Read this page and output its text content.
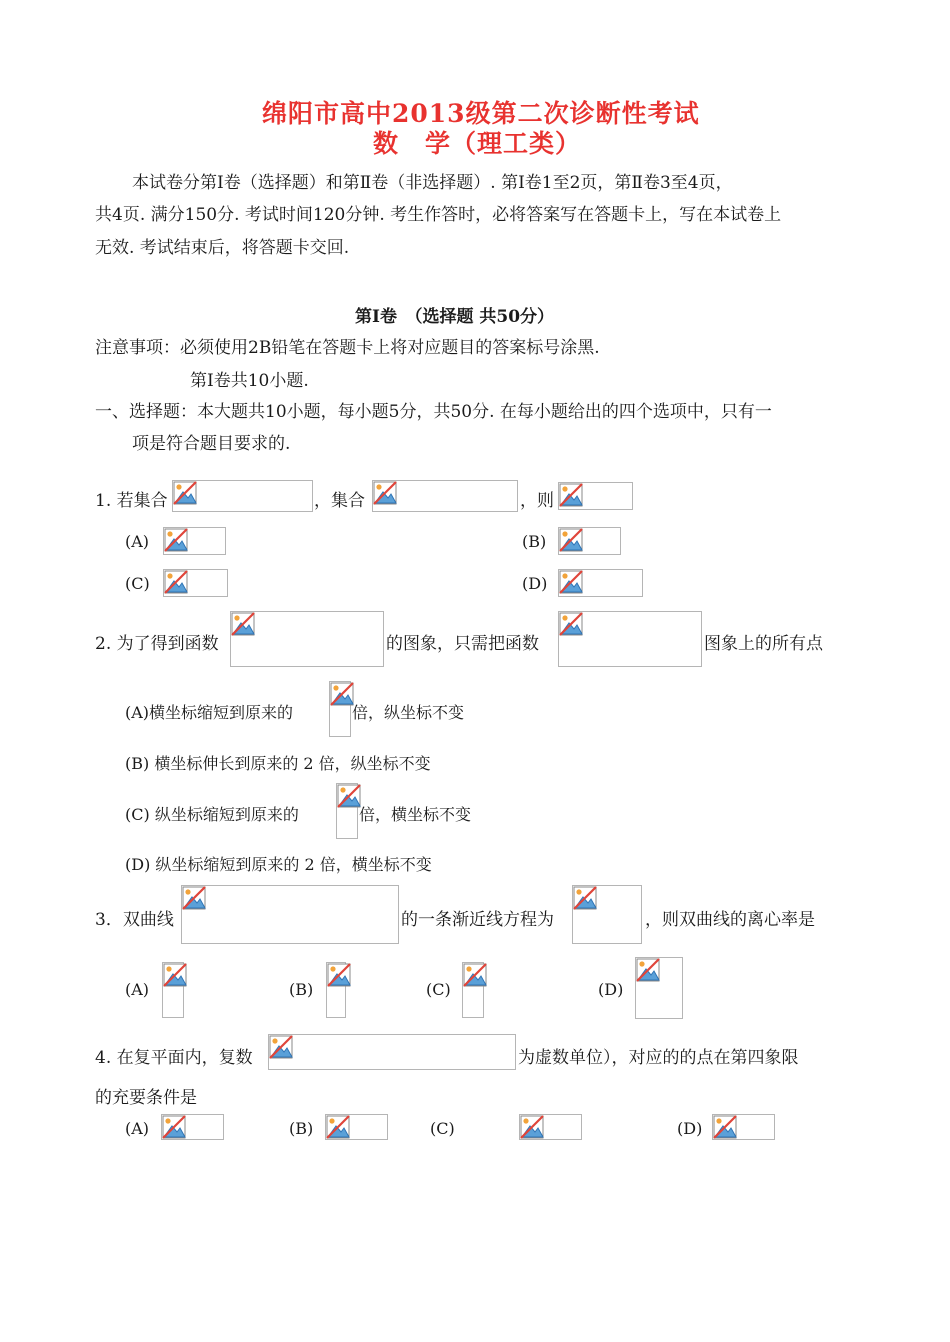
绵阳市高中2013级第二次诊断性考试
数　学（理工类）
本试卷分第Ⅰ卷（选择题）和第Ⅱ卷（非选择题）. 第Ⅰ卷1至2页，第Ⅱ卷3至4页，
共4页. 满分150分. 考试时间120分钟. 考生作答时，必将答案写在答题卡上，写在本试卷上
无效. 考试结束后，将答题卡交回.
第Ⅰ卷　（选择题 共50分）
注意事项：必须使用2B铅笔在答题卡上将对应题目的答案标号涂黑.
第Ⅰ卷共10小题.
一、选择题：本大题共10小题，每小题5分，共50分. 在每小题给出的四个选项中，只有一
项是符合题目要求的.
1. 若集合	，集合	，则
(A)	(B)
(C)	(D)
2. 为了得到函数	的图象，只需把函数	图象上的所有点
(A)横坐标缩短到原来的	倍，纵坐标不变
(B) 横坐标伸长到原来的 2 倍，纵坐标不变
(C) 纵坐标缩短到原来的	倍，横坐标不变
(D) 纵坐标缩短到原来的 2 倍，横坐标不变
3．双曲线	的一条渐近线方程为	，则双曲线的离心率是
(A)	(B)	(C)	(D)
4. 在复平面内，复数	为虚数单位），对应的的点在第四象限
的充要条件是
(A)	(B)	(C)	(D)
